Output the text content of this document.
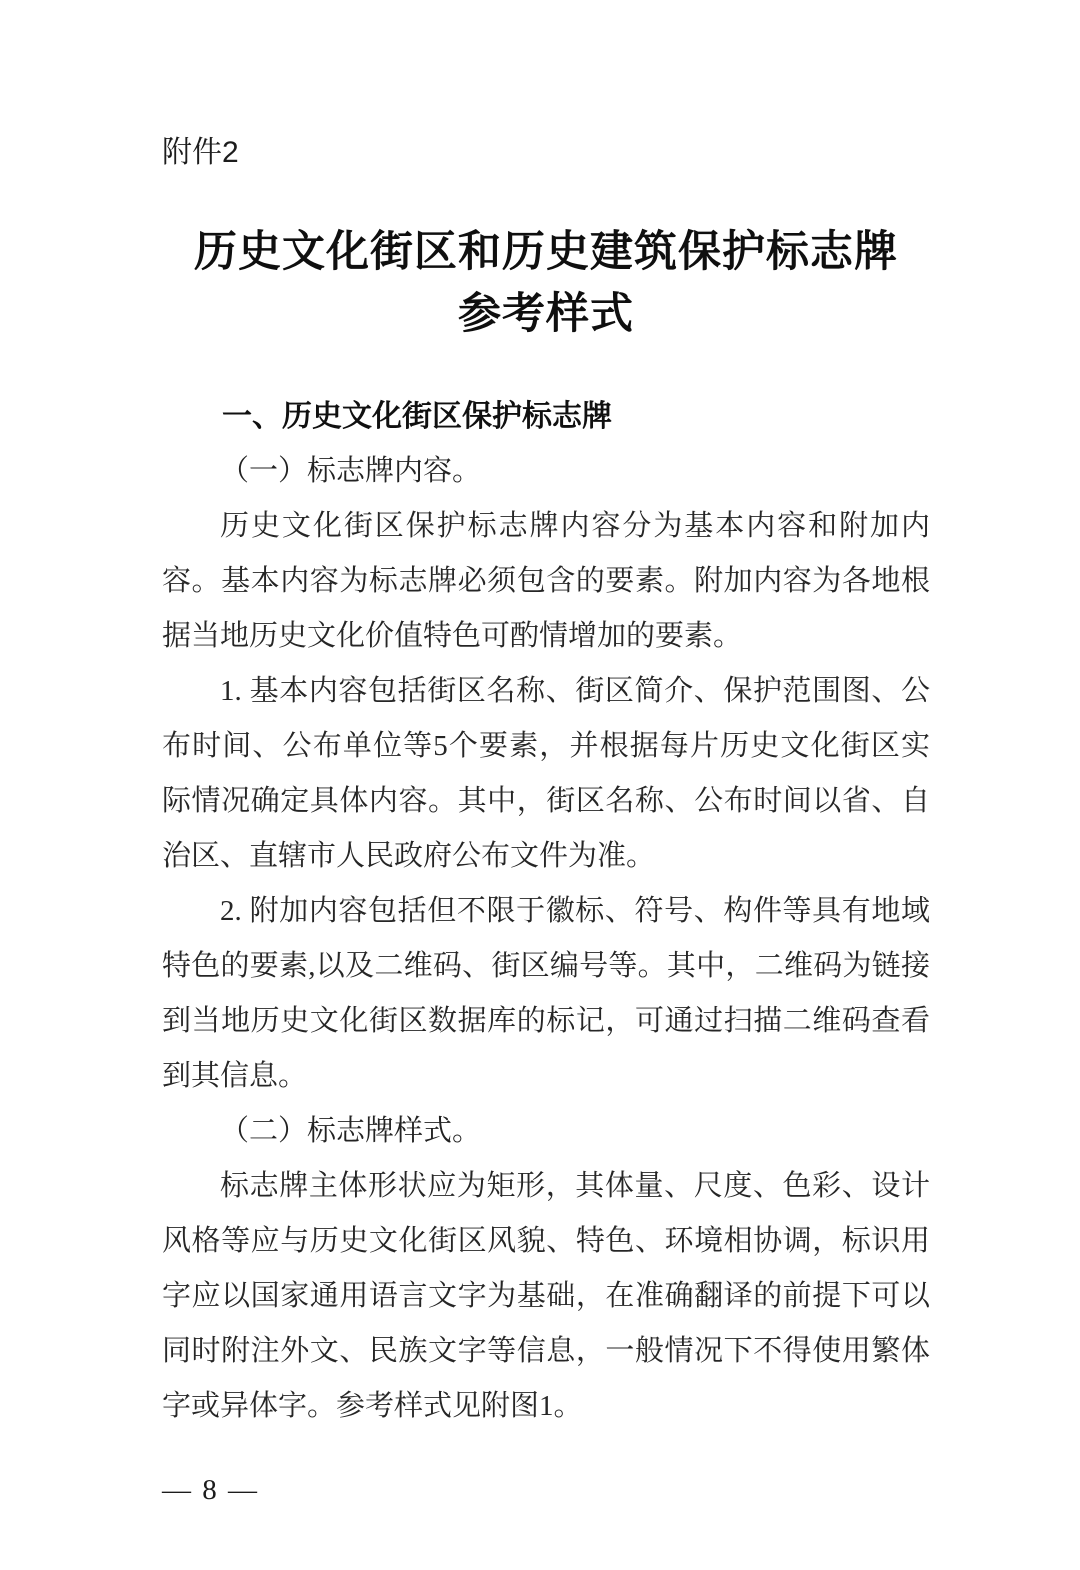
附件2
历史文化街区和历史建筑保护标志牌
参考样式
一、历史文化街区保护标志牌
（一）标志牌内容。

历史文化街区保护标志牌内容分为基本内容和附加内容。基本内容为标志牌必须包含的要素。附加内容为各地根据当地历史文化价值特色可酌情增加的要素。

1. 基本内容包括街区名称、街区简介、保护范围图、公布时间、公布单位等5个要素，并根据每片历史文化街区实际情况确定具体内容。其中，街区名称、公布时间以省、自治区、直辖市人民政府公布文件为准。

2. 附加内容包括但不限于徽标、符号、构件等具有地域特色的要素,以及二维码、街区编号等。其中，二维码为链接到当地历史文化街区数据库的标记，可通过扫描二维码查看到其信息。

（二）标志牌样式。

标志牌主体形状应为矩形，其体量、尺度、色彩、设计风格等应与历史文化街区风貌、特色、环境相协调，标识用字应以国家通用语言文字为基础，在准确翻译的前提下可以同时附注外文、民族文字等信息，一般情况下不得使用繁体字或异体字。参考样式见附图1。

— 8 —
